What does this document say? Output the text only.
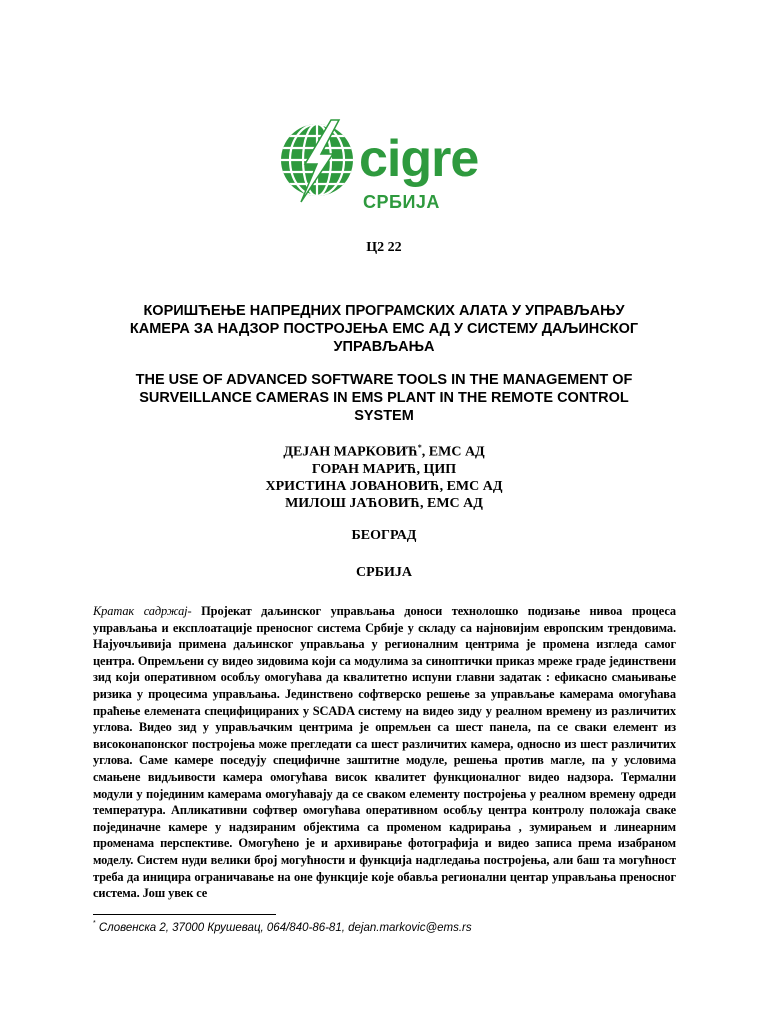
cigre
СРБИЈА
Ц2 22
КОРИШЋЕЊЕ НАПРЕДНИХ ПРОГРАМСКИХ АЛАТА У УПРАВЉАЊУ
КАМЕРА ЗА НАДЗОР ПОСТРОЈЕЊА ЕМС АД У СИСТЕМУ ДАЉИНСКОГ
УПРАВЉАЊА
THE USE OF ADVANCED SOFTWARE TOOLS IN THE MANAGEMENT OF
SURVEILLANCE CAMERAS IN EMS PLANT IN THE REMOTE CONTROL
SYSTEM
ДЕЈАН МАРКОВИЋ*, ЕМС АД
ГОРАН МАРИЋ, ЦИП
ХРИСТИНА ЈОВАНОВИЋ, ЕМС АД
МИЛОШ ЈАЋОВИЋ, ЕМС АД
БЕОГРАД
СРБИЈА
Кратак садржај- Пројекат даљинског управљања доноси технолошко подизање нивоа процеса управљања и експлоатације преносног система Србије у складу са најновијим европским трендовима. Најуочљивија примена даљинског управљања у регионалним центрима је промена изгледа самог центра. Опремљени су видео зидовима који са модулима за синоптички приказ мреже граде јединствени зид који оперативном особљу омогућава да квалитетно испуни главни задатак : ефикасно смањивање ризика у процесима управљања. Јединствено софтверско решење за управљање камерама омогућава праћење елемената специфицираних у SCADA систему на видео зиду у реалном времену из различитих углова. Видео зид у управљачким центрима је опремљен са шест панела, па се сваки елемент из високонапонског постројења може прегледати са шест различитих камера, односно из шест различитих углова. Саме камере поседују специфичне заштитне модуле, решења против магле, па у условима смањене видљивости камера омогућава висок квалитет функционалног видео надзора. Термални модули у појединим камерама омогућавају да се сваком елементу постројења у реалном времену одреди температура. Апликативни софтвер омогућава оперативном особљу центра контролу положаја сваке појединачне камере у надзираним објектима са променом кадрирања , зумирањем и линеарним променама перспективе. Омогућено је и архивирање фотографија и видео записа према изабраном моделу. Систем нуди велики број могућности и функција надгледања постројења, али баш та могућност треба да иницира ограничавање на оне функције које обавља регионални центар управљања преносног система. Још увек се
* Словенска 2, 37000 Крушевац, 064/840-86-81, dejan.markovic@ems.rs
